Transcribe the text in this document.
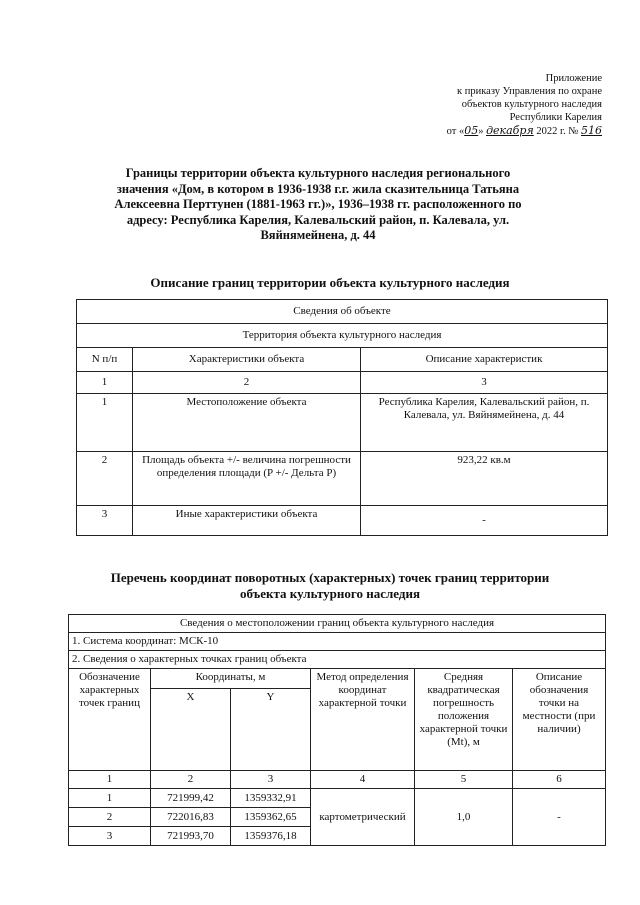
Приложение
к приказу Управления по охране
объектов культурного наследия
Республики Карелия
от «05» декабря 2022 г. № 516
Границы территории объекта культурного наследия регионального значения «Дом, в котором в 1936-1938 г.г. жила сказительница Татьяна Алексеевна Перттунен (1881-1963 гг.)», 1936–1938 гг. расположенного по адресу: Республика Карелия, Калевальский район, п. Калевала, ул. Вяйнямейнена, д. 44
Описание границ территории объекта культурного наследия
Сведения об объекте		
Территория объекта культурного наследия		
N п/п	Характеристики объекта	Описание характеристик
1	2	3
1	Местоположение объекта	Республика Карелия, Калевальский район, п. Калевала, ул. Вяйнямейнена, д. 44
2	Площадь объекта +/- величина погрешности определения площади (P +/- Дельта P)	923,22 кв.м
3	Иные характеристики объекта	-
Перечень координат поворотных (характерных) точек границ территории объекта культурного наследия
Сведения о местоположении границ объекта культурного наследия					
1. Система координат: МСК-10					
2. Сведения о характерных точках границ объекта					
Обозначение характерных точек границ	Координаты, м		Метод определения координат характерной точки	Средняя квадратическая погрешность положения характерной точки (Mt), м	Описание обозначения точки на местности (при наличии)
	X	Y			
1	2	3	4	5	6
1	721999,42	1359332,91	картометрический	1,0	-
2	722016,83	1359362,65			
3	721993,70	1359376,18			
